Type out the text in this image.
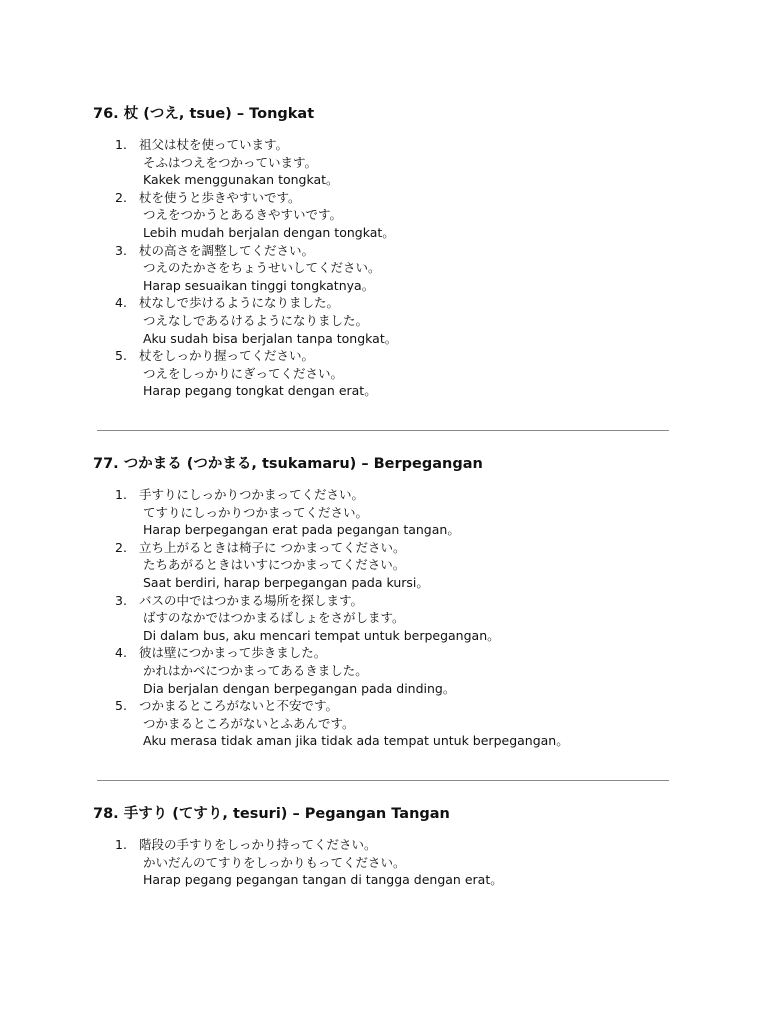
76. 杖 (つえ, tsue) – Tongkat
1. 祖父は杖を使っています。
そふはつえをつかっています。
Kakek menggunakan tongkat。
2. 杖を使うと歩きやすいです。
つえをつかうとあるきやすいです。
Lebih mudah berjalan dengan tongkat。
3. 杖の高さを調整してください。
つえのたかさをちょうせいしてください。
Harap sesuaikan tinggi tongkatnya。
4. 杖なしで歩けるようになりました。
つえなしであるけるようになりました。
Aku sudah bisa berjalan tanpa tongkat。
5. 杖をしっかり握ってください。
つえをしっかりにぎってください。
Harap pegang tongkat dengan erat。
77. つかまる (つかまる, tsukamaru) – Berpegangan
1. 手すりにしっかりつかまってください。
てすりにしっかりつかまってください。
Harap berpegangan erat pada pegangan tangan。
2. 立ち上がるときは椅子に つかまってください。
たちあがるときはいすにつかまってください。
Saat berdiri, harap berpegangan pada kursi。
3. バスの中ではつかまる場所を探します。
ばすのなかではつかまるばしょをさがします。
Di dalam bus, aku mencari tempat untuk berpegangan。
4. 彼は壁につかまって歩きました。
かれはかべにつかまってあるきました。
Dia berjalan dengan berpegangan pada dinding。
5. つかまるところがないと不安です。
つかまるところがないとふあんです。
Aku merasa tidak aman jika tidak ada tempat untuk berpegangan。
78. 手すり (てすり, tesuri) – Pegangan Tangan
1. 階段の手すりをしっかり持ってください。
かいだんのてすりをしっかりもってください。
Harap pegang pegangan tangan di tangga dengan erat。
